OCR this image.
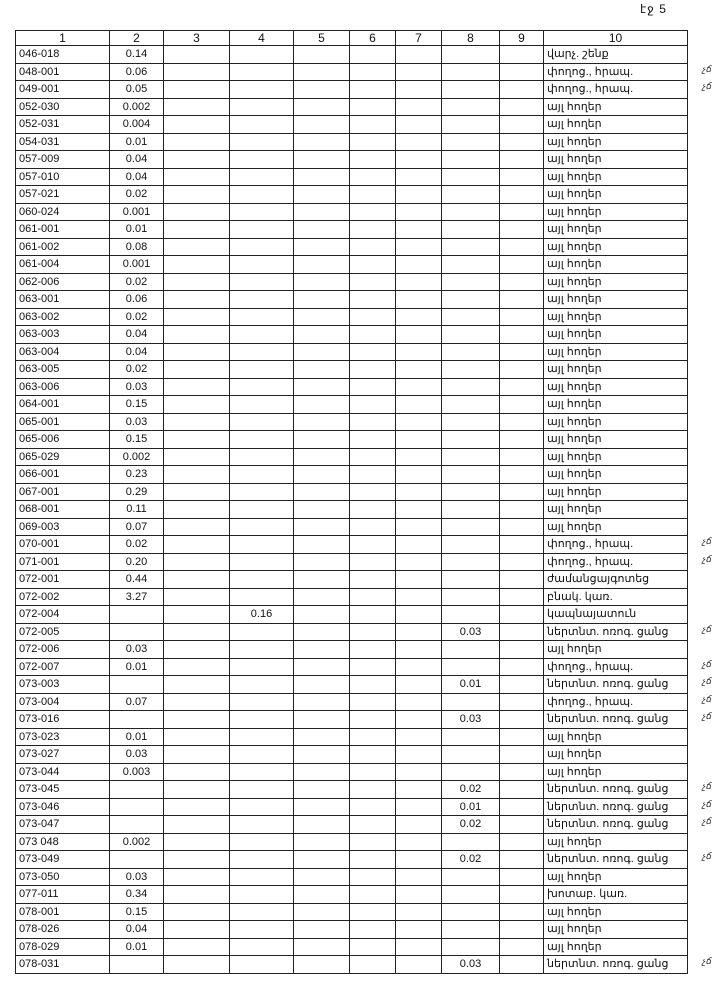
էջ 5
1	2	3	4	5	6	7	8	9	10
046-018	0.14								վարչ. շենք
048-001	0.06								փողոց., հրապ.
049-001	0.05								փողոց., հրապ.
052-030	0.002								այլ հողեր
052-031	0.004								այլ հողեր
054-031	0.01								այլ հողեր
057-009	0.04								այլ հողեր
057-010	0.04								այլ հողեր
057-021	0.02								այլ հողեր
060-024	0.001								այլ հողեր
061-001	0.01								այլ հողեր
061-002	0.08								այլ հողեր
061-004	0.001								այլ հողեր
062-006	0.02								այլ հողեր
063-001	0.06								այլ հողեր
063-002	0.02								այլ հողեր
063-003	0.04								այլ հողեր
063-004	0.04								այլ հողեր
063-005	0.02								այլ հողեր
063-006	0.03								այլ հողեր
064-001	0.15								այլ հողեր
065-001	0.03								այլ հողեր
065-006	0.15								այլ հողեր
065-029	0.002								այլ հողեր
066-001	0.23								այլ հողեր
067-001	0.29								այլ հողեր
068-001	0.11								այլ հողեր
069-003	0.07								այլ հողեր
070-001	0.02								փողոց., հրապ.
071-001	0.20								փողոց., հրապ.
072-001	0.44								ժամանցայգոտեց
072-002	3.27								բնակ. կառ.
072-004			0.16						կապնայատուն
072-005							0.03		ներտնտ. ոռոգ. ցանց
072-006	0.03								այլ հողեր
072-007	0.01								փողոց., հրապ.
073-003							0.01		ներտնտ. ոռոգ. ցանց
073-004	0.07								փողոց., հրապ.
073-016							0.03		ներտնտ. ոռոգ. ցանց
073-023	0.01								այլ հողեր
073-027	0.03								այլ հողեր
073-044	0.003								այլ հողեր
073-045							0.02		ներտնտ. ոռոգ. ցանց
073-046							0.01		ներտնտ. ոռոգ. ցանց
073-047							0.02		ներտնտ. ոռոգ. ցանց
073 048	0.002								այլ հողեր
073-049							0.02		ներտնտ. ոռոգ. ցանց
073-050	0.03								այլ հողեր
077-011	0.34								խոտաբ. կառ.
078-001	0.15								այլ հողեր
078-026	0.04								այլ հողեր
078-029	0.01								այլ հողեր
078-031							0.03		ներտնտ. ոռոգ. ցանց
չճ
չճ
չճ
չճ
չճ
չճ
չճ
չճ
չճ
չճ
չճ
չճ
չճ
չճ
